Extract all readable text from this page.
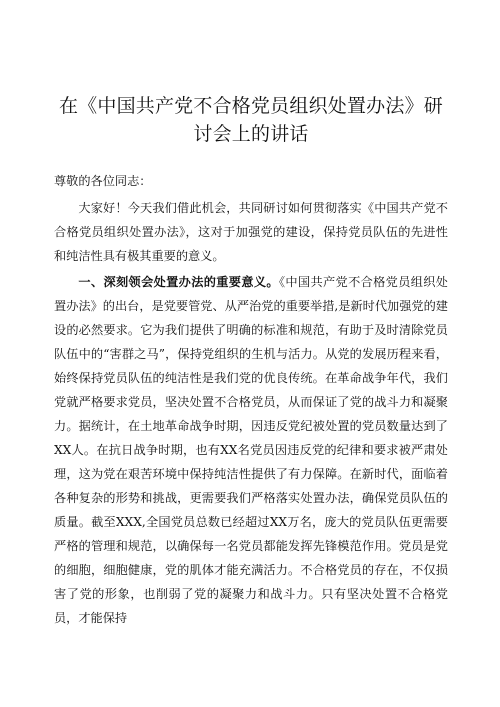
在《中国共产党不合格党员组织处置办法》研讨会上的讲话

尊敬的各位同志：

大家好！今天我们借此机会，共同研讨如何贯彻落实《中国共产党不合格党员组织处置办法》，这对于加强党的建设，保持党员队伍的先进性和纯洁性具有极其重要的意义。

一、深刻领会处置办法的重要意义。《中国共产党不合格党员组织处置办法》的出台，是党要管党、从严治党的重要举措,是新时代加强党的建设的必然要求。它为我们提供了明确的标准和规范，有助于及时清除党员队伍中的“害群之马”，保持党组织的生机与活力。从党的发展历程来看，始终保持党员队伍的纯洁性是我们党的优良传统。在革命战争年代，我们党就严格要求党员，坚决处置不合格党员，从而保证了党的战斗力和凝聚力。据统计，在土地革命战争时期，因违反党纪被处置的党员数量达到了XX人。在抗日战争时期，也有XX名党员因违反党的纪律和要求被严肃处理，这为党在艰苦环境中保持纯洁性提供了有力保障。在新时代，面临着各种复杂的形势和挑战，更需要我们严格落实处置办法，确保党员队伍的质量。截至XXX,全国党员总数已经超过XX万名，庞大的党员队伍更需要严格的管理和规范，以确保每一名党员都能发挥先锋模范作用。党员是党的细胞，细胞健康，党的肌体才能充满活力。不合格党员的存在，不仅损害了党的形象，也削弱了党的凝聚力和战斗力。只有坚决处置不合格党员，才能保持
